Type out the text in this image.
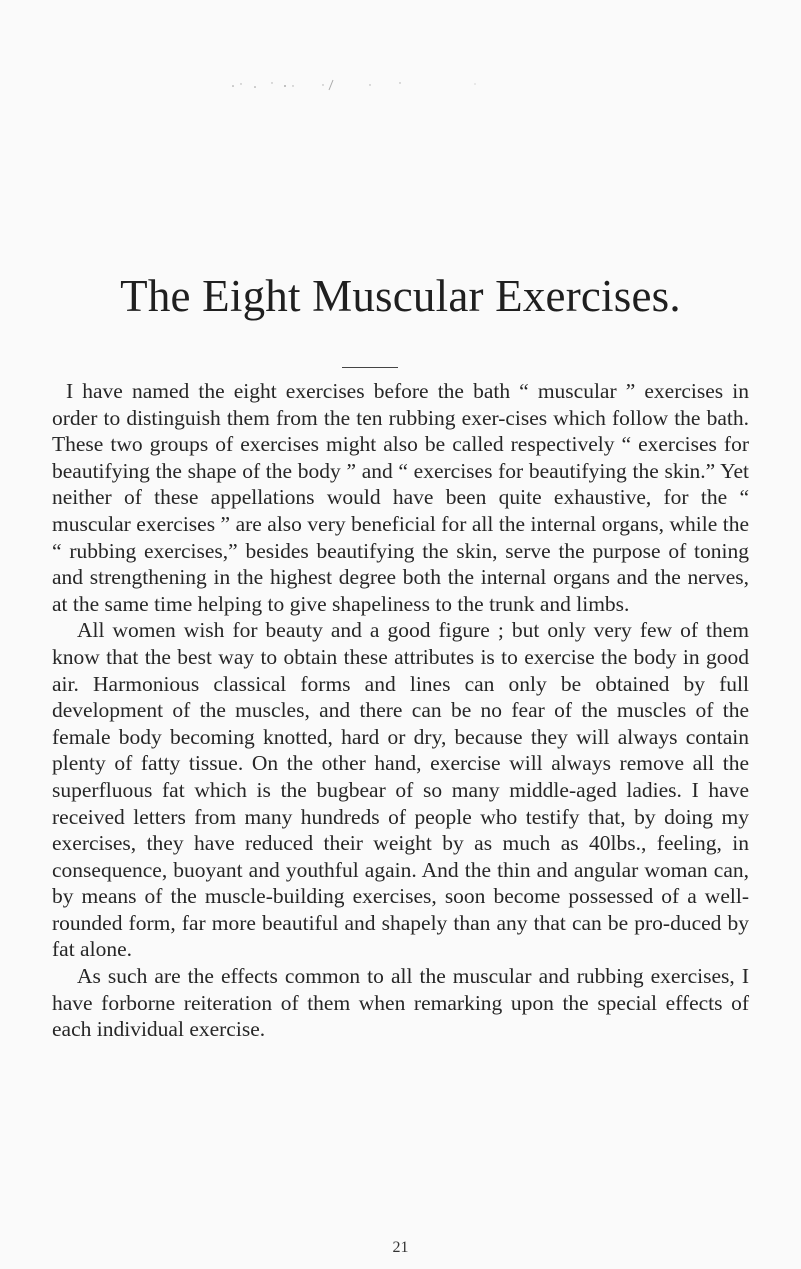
The Eight Muscular Exercises.

I have named the eight exercises before the bath “ muscular ” exercises in order to distinguish them from the ten rubbing exer-cises which follow the bath. These two groups of exercises might also be called respectively “ exercises for beautifying the shape of the body ” and “ exercises for beautifying the skin.” Yet neither of these appellations would have been quite exhaustive, for the “ muscular exercises ” are also very beneficial for all the internal organs, while the “ rubbing exercises,” besides beautifying the skin, serve the purpose of toning and strengthening in the highest degree both the internal organs and the nerves, at the same time helping to give shapeliness to the trunk and limbs.

All women wish for beauty and a good figure ; but only very few of them know that the best way to obtain these attributes is to exercise the body in good air. Harmonious classical forms and lines can only be obtained by full development of the muscles, and there can be no fear of the muscles of the female body becoming knotted, hard or dry, because they will always contain plenty of fatty tissue. On the other hand, exercise will always remove all the superfluous fat which is the bugbear of so many middle-aged ladies. I have received letters from many hundreds of people who testify that, by doing my exercises, they have reduced their weight by as much as 40lbs., feeling, in consequence, buoyant and youthful again. And the thin and angular woman can, by means of the muscle-building exercises, soon become possessed of a well-rounded form, far more beautiful and shapely than any that can be pro-duced by fat alone.

As such are the effects common to all the muscular and rubbing exercises, I have forborne reiteration of them when remarking upon the special effects of each individual exercise.

21
